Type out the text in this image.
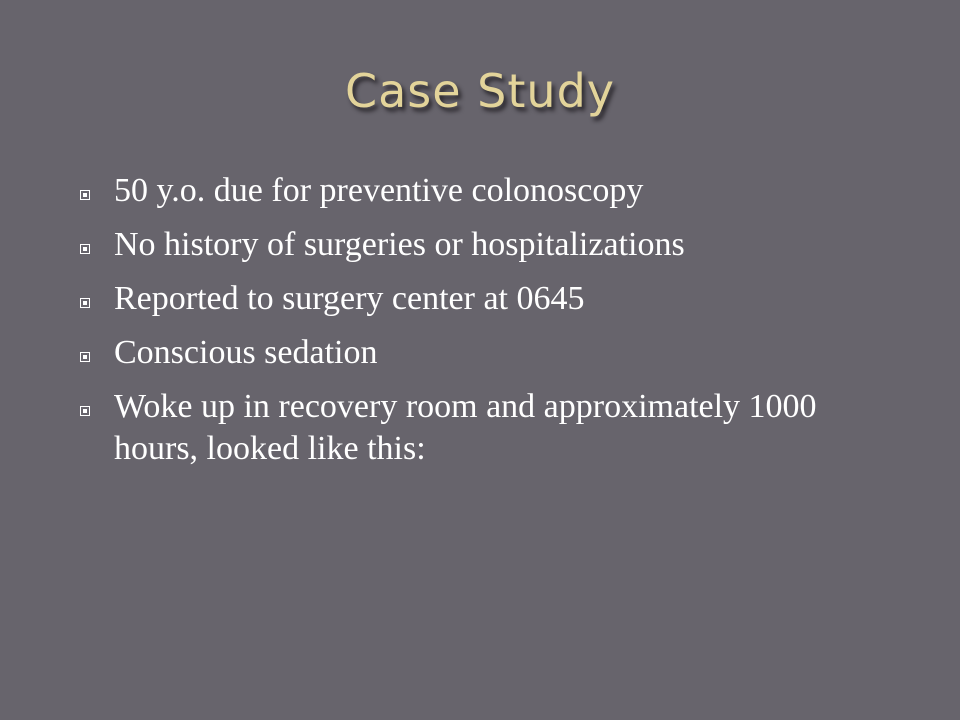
Case Study
50 y.o. due for preventive colonoscopy
No history of surgeries or hospitalizations
Reported to surgery center at 0645
Conscious sedation
Woke up in recovery room and approximately 1000 hours, looked like this:
